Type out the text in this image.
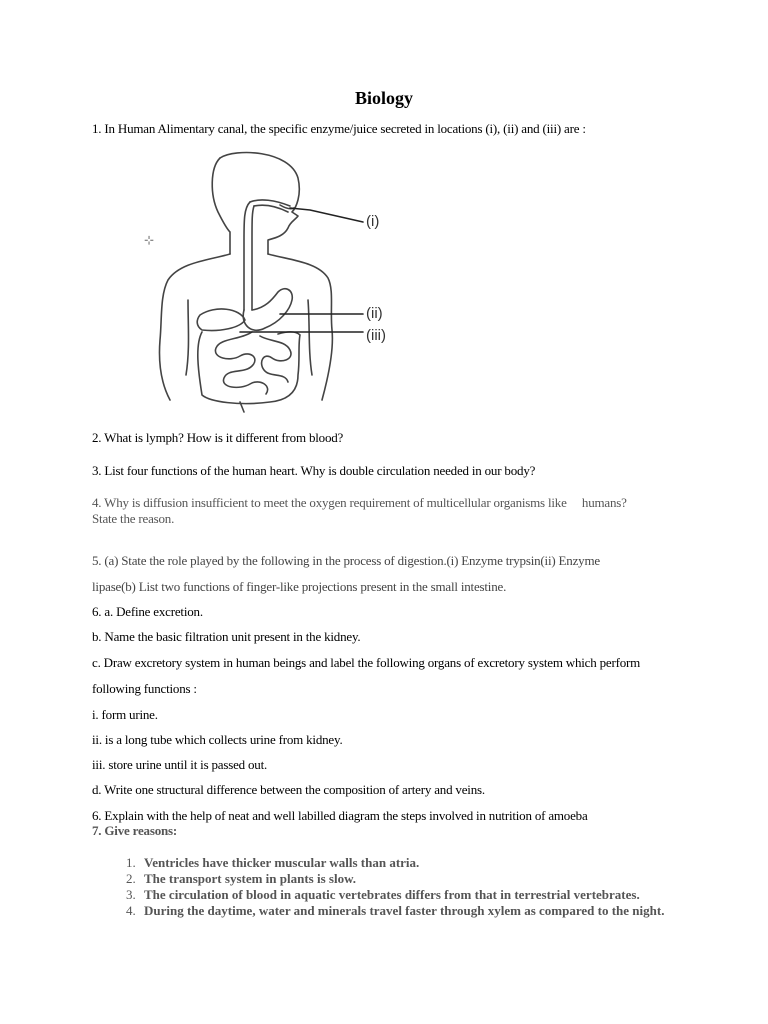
Biology
1. In Human Alimentary canal, the specific enzyme/juice secreted in locations (i), (ii) and (iii) are :
⊹
(i)
(ii)
(iii)
2. What is lymph? How is it different from blood?
3. List four functions of the human heart. Why is double circulation needed in our body?
4. Why is diffusion insufficient to meet the oxygen requirement of multicellular organisms like     humans?
State the reason.
5. (a) State the role played by the following in the process of digestion.(i) Enzyme trypsin(ii) Enzyme
lipase(b) List two functions of finger-like projections present in the small intestine.
6. a. Define excretion.
b. Name the basic filtration unit present in the kidney.
c. Draw excretory system in human beings and label the following organs of excretory system which perform
following functions :
i. form urine.
ii. is a long tube which collects urine from kidney.
iii. store urine until it is passed out.
d. Write one structural difference between the composition of artery and veins.
6. Explain with the help of neat and well labilled diagram the steps involved in nutrition of amoeba
7. Give reasons:
1. Ventricles have thicker muscular walls than atria.
2. The transport system in plants is slow.
3. The circulation of blood in aquatic vertebrates differs from that in terrestrial vertebrates.
4. During the daytime, water and minerals travel faster through xylem as compared to the night.
